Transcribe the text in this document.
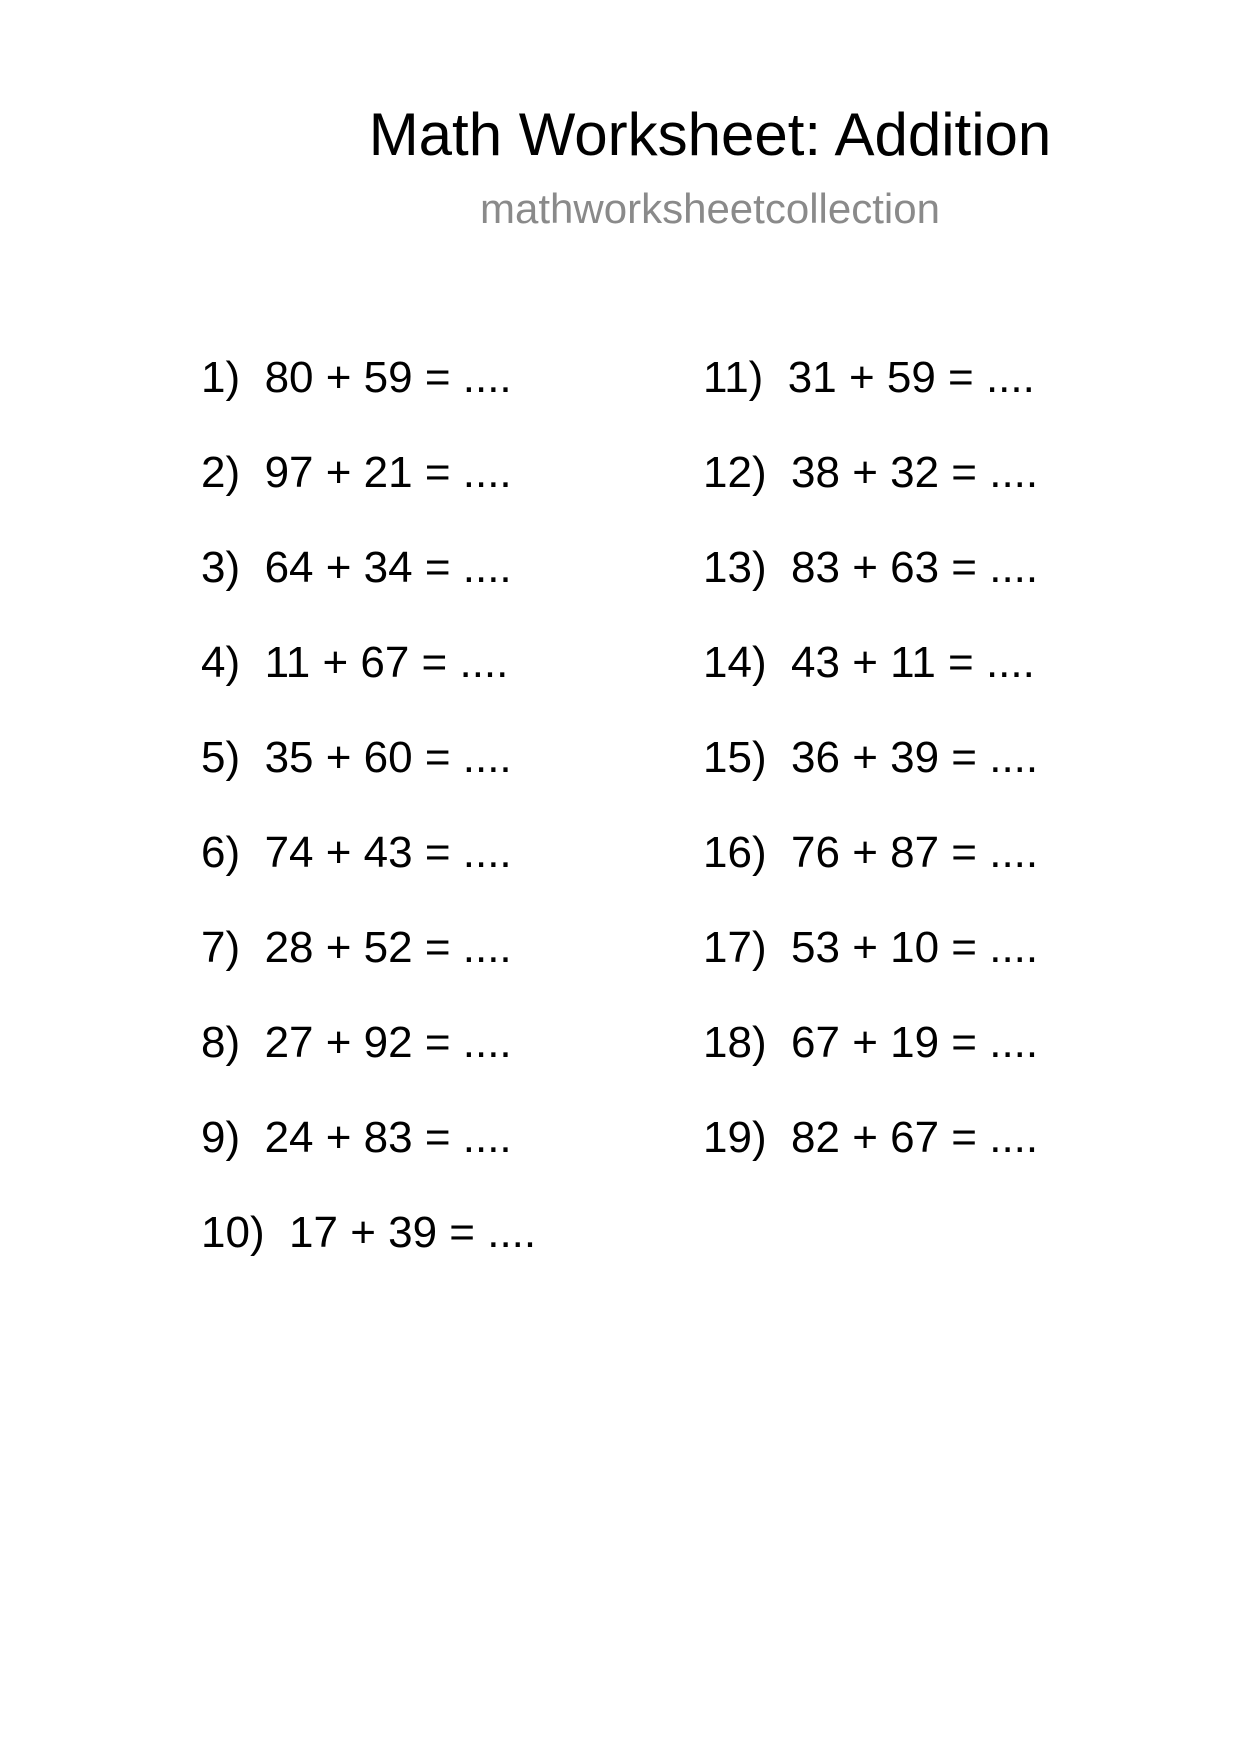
Math Worksheet: Addition
mathworksheetcollection
1)  80 + 59 = ....
2)  97 + 21 = ....
3)  64 + 34 = ....
4)  11 + 67 = ....
5)  35 + 60 = ....
6)  74 + 43 = ....
7)  28 + 52 = ....
8)  27 + 92 = ....
9)  24 + 83 = ....
10)  17 + 39 = ....
11)  31 + 59 = ....
12)  38 + 32 = ....
13)  83 + 63 = ....
14)  43 + 11 = ....
15)  36 + 39 = ....
16)  76 + 87 = ....
17)  53 + 10 = ....
18)  67 + 19 = ....
19)  82 + 67 = ....
